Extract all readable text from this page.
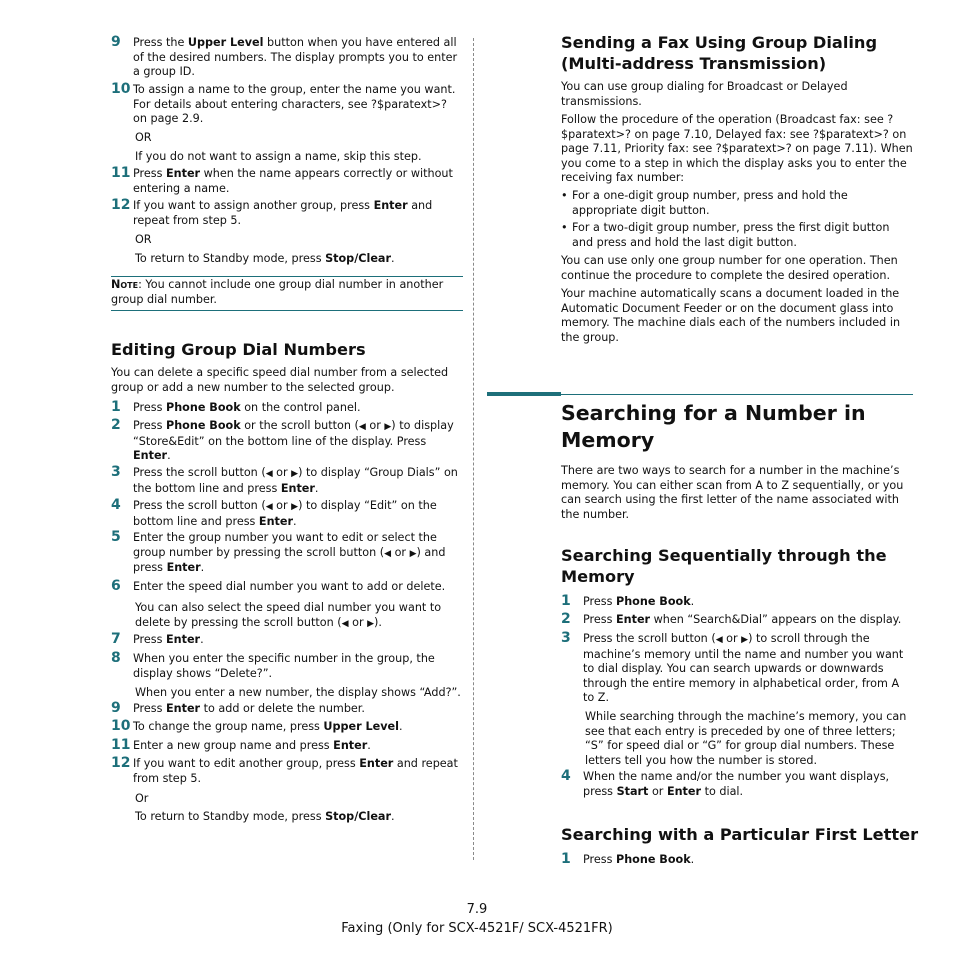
9 Press the Upper Level button when you have entered all of the desired numbers. The display prompts you to enter a group ID.
10 To assign a name to the group, enter the name you want. For details about entering characters, see ?$paratext>? on page 2.9.
OR
If you do not want to assign a name, skip this step.
11 Press Enter when the name appears correctly or without entering a name.
12 If you want to assign another group, press Enter and repeat from step 5.
OR
To return to Standby mode, press Stop/Clear.
Note: You cannot include one group dial number in another group dial number.
Editing Group Dial Numbers
You can delete a specific speed dial number from a selected group or add a new number to the selected group.
You can also select the speed dial number you want to delete by pressing the scroll button (◀ or ▶).
When you enter a new number, the display shows “Add?”.
Or
To return to Standby mode, press Stop/Clear.
1 Press Phone Book on the control panel.
2 Press Phone Book or the scroll button (◀ or ▶) to display “Store&Edit” on the bottom line of the display. Press Enter.
3 Press the scroll button (◀ or ▶) to display “Group Dials” on the bottom line and press Enter.
4 Press the scroll button (◀ or ▶) to display “Edit” on the bottom line and press Enter.
5 Enter the group number you want to edit or select the group number by pressing the scroll button (◀ or ▶) and press Enter.
6 Enter the speed dial number you want to add or delete.
7 Press Enter.
8 When you enter the specific number in the group, the display shows “Delete?”.
9 Press Enter to add or delete the number.
10 To change the group name, press Upper Level.
11 Enter a new group name and press Enter.
12 If you want to edit another group, press Enter and repeat from step 5.
Sending a Fax Using Group Dialing (Multi-address Transmission)
You can use group dialing for Broadcast or Delayed transmissions.
Follow the procedure of the operation (Broadcast fax: see ?$paratext>? on page 7.10, Delayed fax: see ?$paratext>? on page 7.11, Priority fax: see ?$paratext>? on page 7.11). When you come to a step in which the display asks you to enter the receiving fax number:
• For a one-digit group number, press and hold the appropriate digit button.
• For a two-digit group number, press the first digit button and press and hold the last digit button.
You can use only one group number for one operation. Then continue the procedure to complete the desired operation.
Your machine automatically scans a document loaded in the Automatic Document Feeder or on the document glass into memory. The machine dials each of the numbers included in the group.
Searching for a Number in Memory
There are two ways to search for a number in the machine’s memory. You can either scan from A to Z sequentially, or you can search using the first letter of the name associated with the number.
Searching Sequentially through the Memory
While searching through the machine’s memory, you can see that each entry is preceded by one of three letters; “S” for speed dial or “G” for group dial numbers. These letters tell you how the number is stored.
Searching with a Particular First Letter
1 Press Phone Book.
2 Press Enter when “Search&Dial” appears on the display.
3 Press the scroll button (◀ or ▶) to scroll through the machine’s memory until the name and number you want to dial display. You can search upwards or downwards through the entire memory in alphabetical order, from A to Z.
4 When the name and/or the number you want displays, press Start or Enter to dial.
1 Press Phone Book.
7.9
Faxing (Only for SCX-4521F/ SCX-4521FR)
